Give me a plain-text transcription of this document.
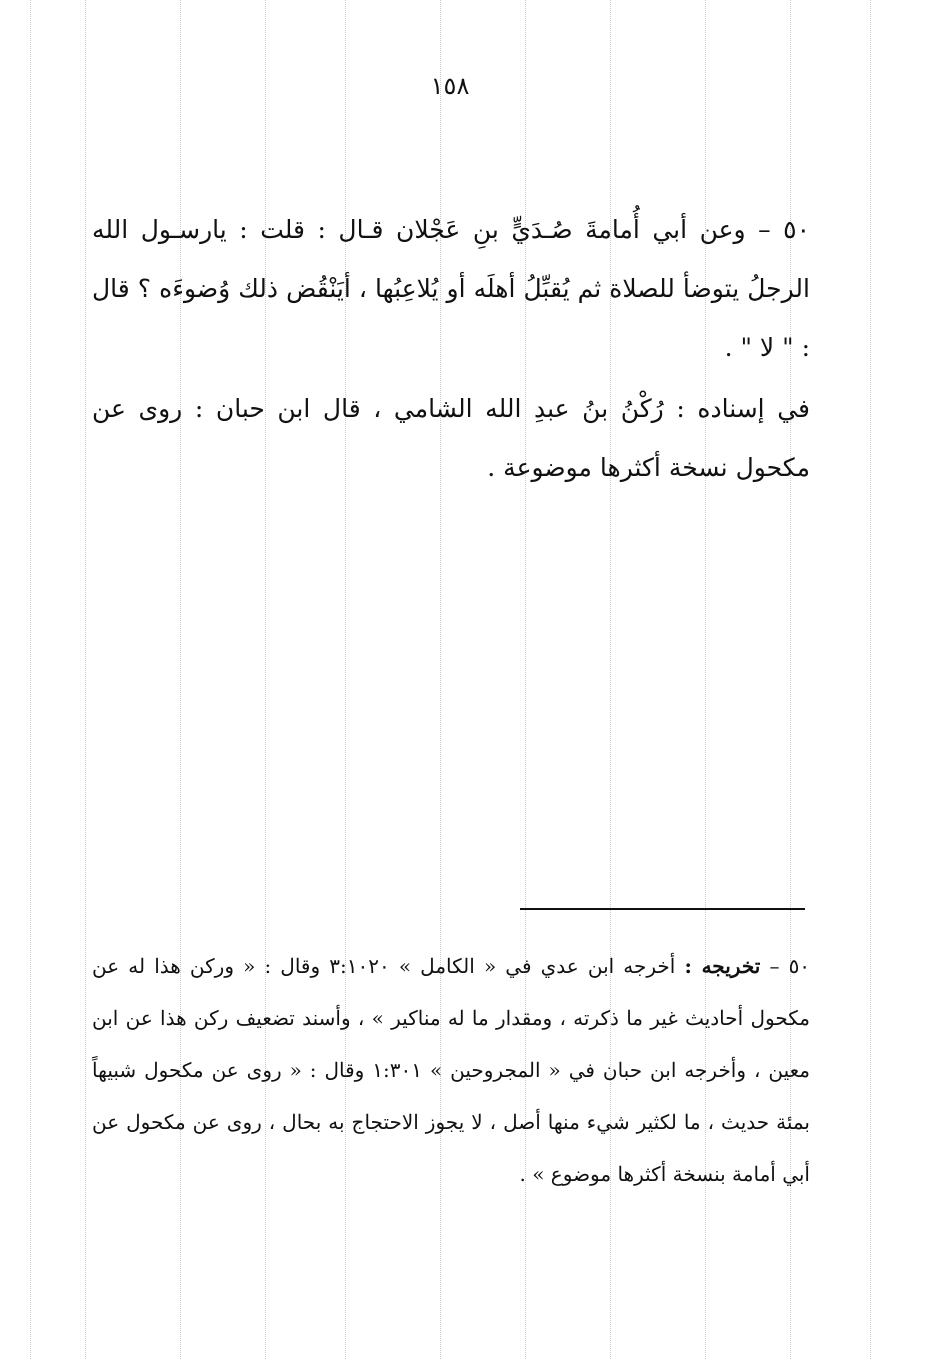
١٥٨

٥٠ – وعن أبي أُمامةَ صُـدَيٍّ بنِ عَجْلان قـال : قلت : يارسـول الله الرجلُ يتوضأ للصلاة ثم يُقبِّلُ أهلَه أو يُلاعِبُها ، أيَنْقُض ذلك وُضوءَه ؟ قال : " لا " .

في إسناده : رُكْنُ بنُ عبدِ الله الشامي ، قال ابن حبان : روى عن مكحول نسخة أكثرها موضوعة .

٥٠ – تخريجه : أخرجه ابن عدي في « الكامل » ٣:١٠٢٠ وقال : « وركن هذا له عن مكحول أحاديث غير ما ذكرته ، ومقدار ما له مناكير » ، وأسند تضعيف ركن هذا عن ابن معين ، وأخرجه ابن حبان في « المجروحين » ١:٣٠١ وقال : « روى عن مكحول شبيهاً بمئة حديث ، ما لكثير شيء منها أصل ، لا يجوز الاحتجاج به بحال ، روى عن مكحول عن أبي أمامة بنسخة أكثرها موضوع » .
